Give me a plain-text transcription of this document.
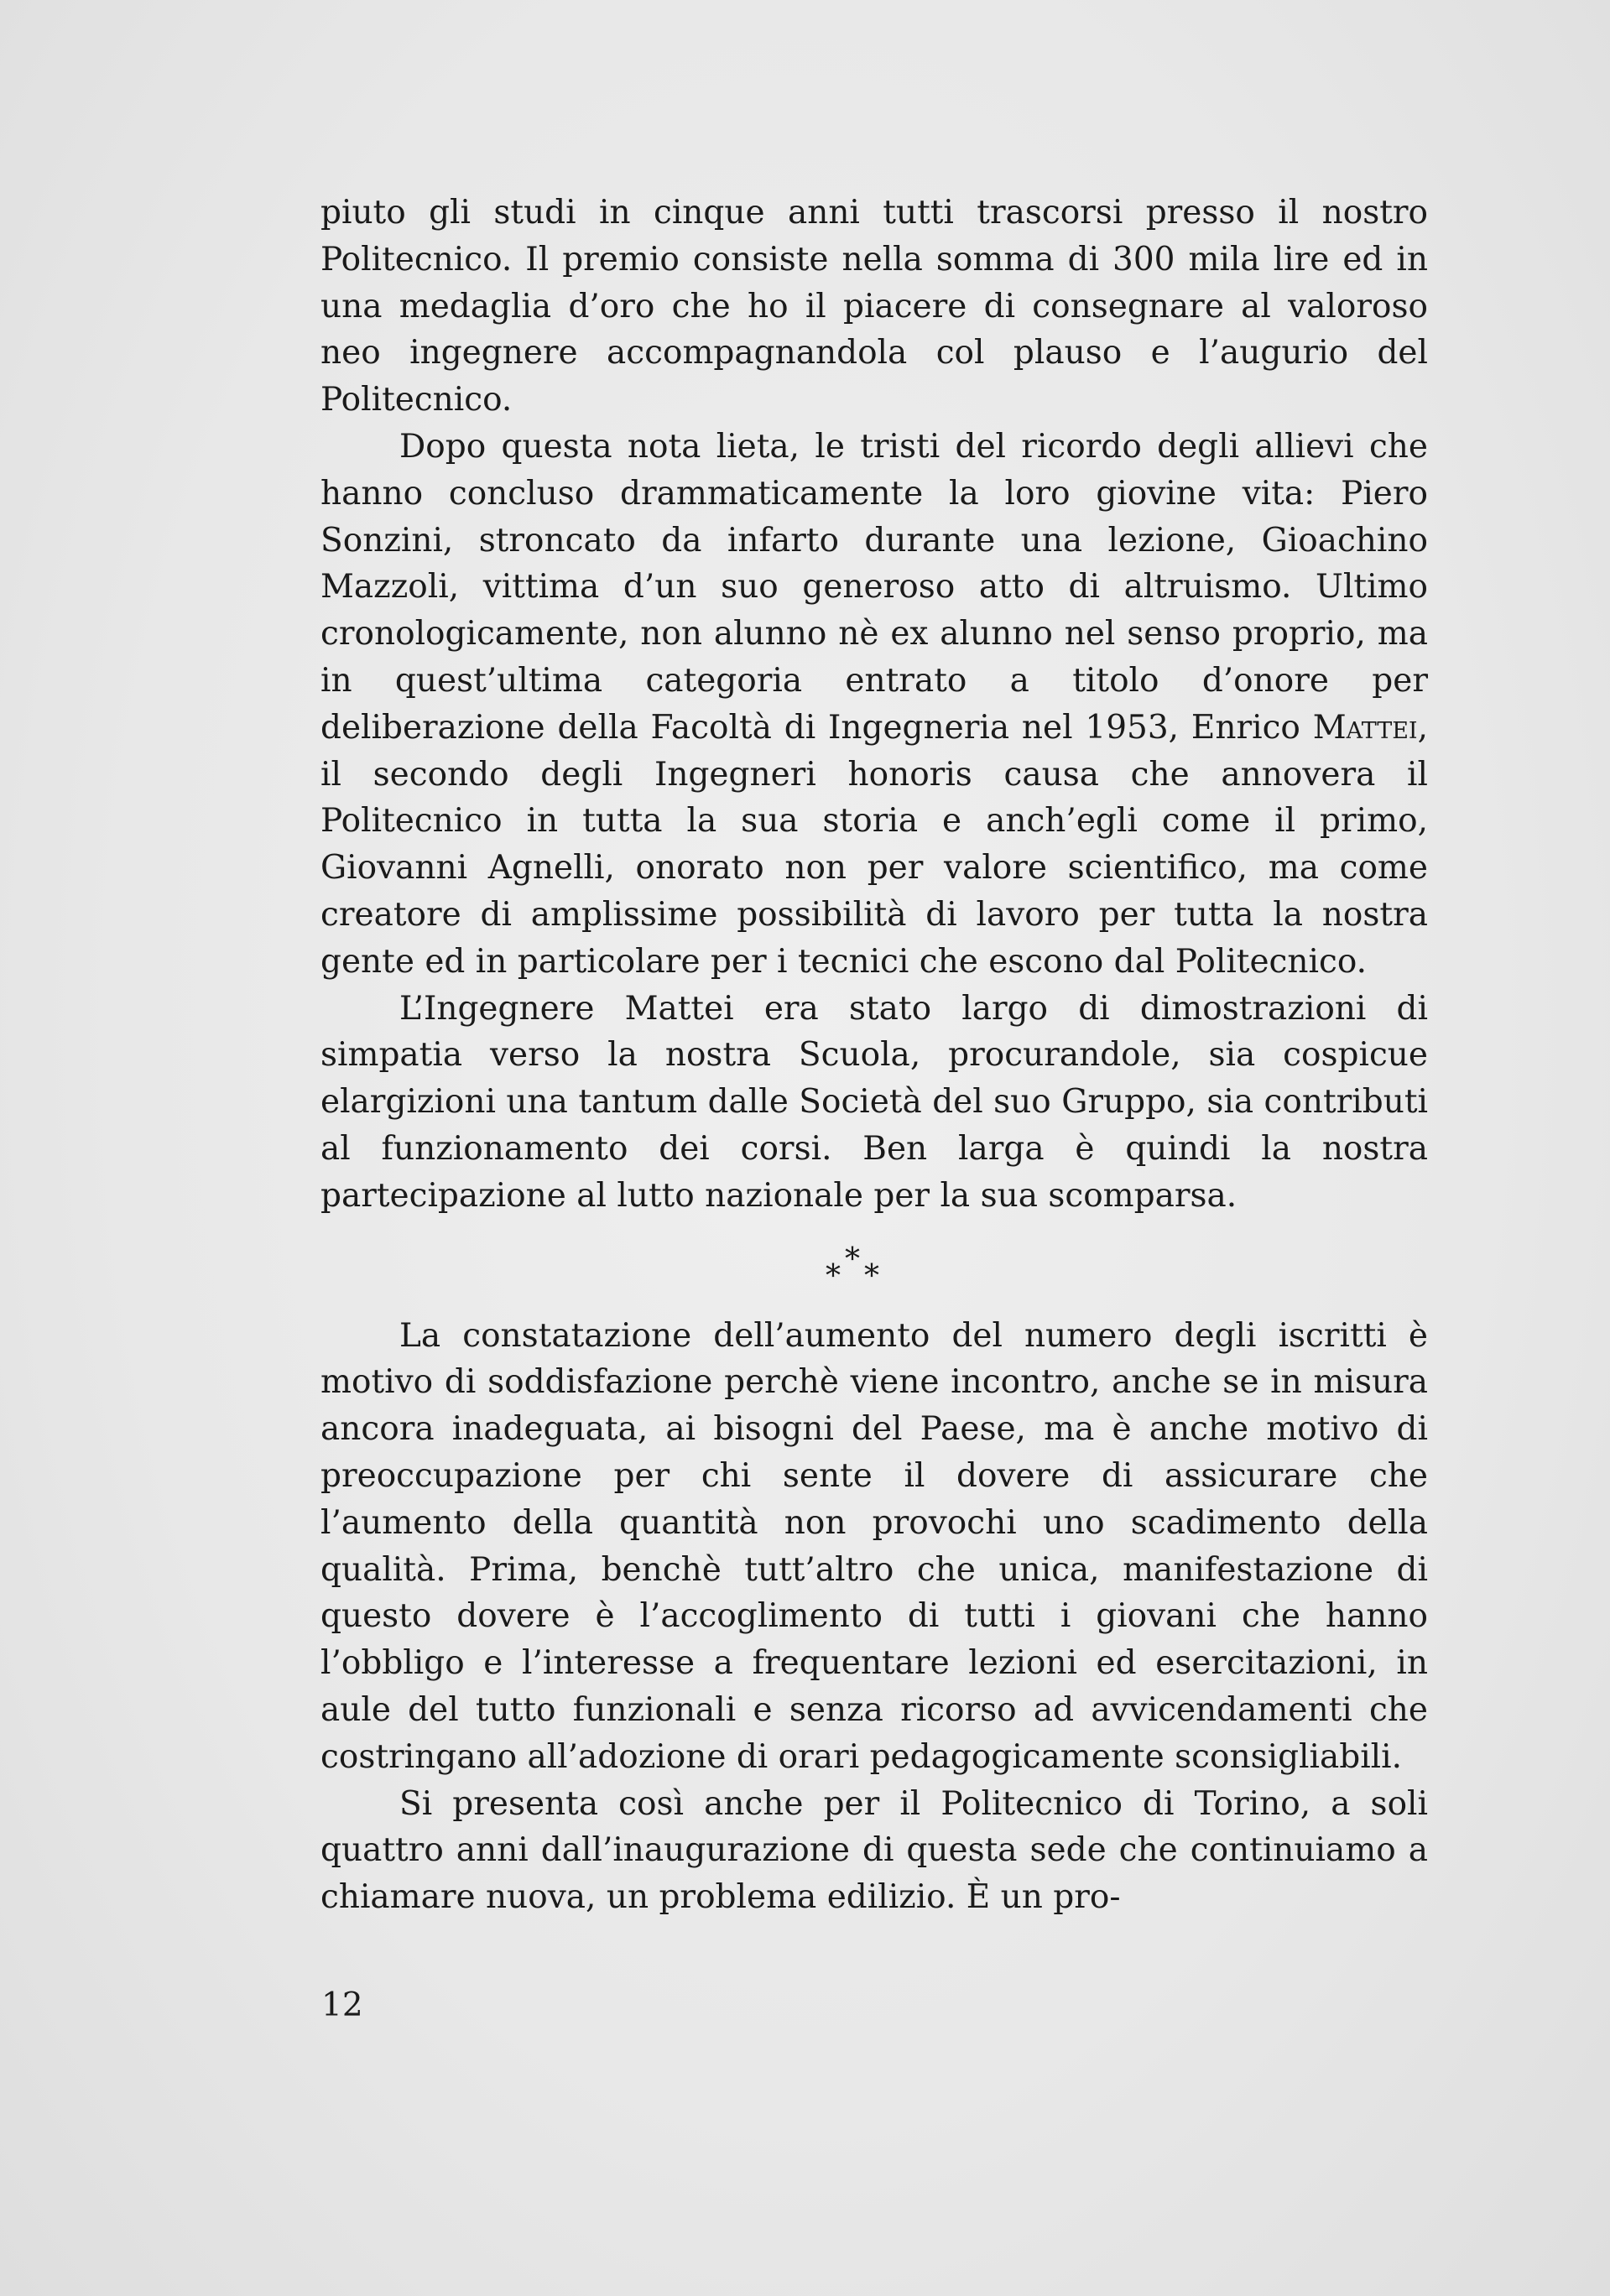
piuto gli studi in cinque anni tutti trascorsi presso il nostro Politecnico. Il premio consiste nella somma di 300 mila lire ed in una medaglia d’oro che ho il piacere di consegnare al valoroso neo ingegnere accompagnandola col plauso e l’augurio del Politecnico.

Dopo questa nota lieta, le tristi del ricordo degli allievi che hanno concluso drammaticamente la loro giovine vita: Piero Sonzini, stroncato da infarto durante una lezione, Gioachino Mazzoli, vittima d’un suo generoso atto di altruismo. Ultimo cronologicamente, non alunno nè ex alunno nel senso proprio, ma in quest’ultima categoria entrato a titolo d’onore per deliberazione della Facoltà di Ingegneria nel 1953, Enrico Mattei, il secondo degli Ingegneri honoris causa che annovera il Politecnico in tutta la sua storia e anch’egli come il primo, Giovanni Agnelli, onorato non per valore scientifico, ma come creatore di amplissime possibilità di lavoro per tutta la nostra gente ed in particolare per i tecnici che escono dal Politecnico.

L’Ingegnere Mattei era stato largo di dimostrazioni di simpatia verso la nostra Scuola, procurandole, sia cospicue elargizioni una tantum dalle Società del suo Gruppo, sia contributi al funzionamento dei corsi. Ben larga è quindi la nostra partecipazione al lutto nazionale per la sua scomparsa.

*
* *

La constatazione dell’aumento del numero degli iscritti è motivo di soddisfazione perchè viene incontro, anche se in misura ancora inadeguata, ai bisogni del Paese, ma è anche motivo di preoccupazione per chi sente il dovere di assicurare che l’aumento della quantità non provochi uno scadimento della qualità. Prima, benchè tutt’altro che unica, manifestazione di questo dovere è l’accoglimento di tutti i giovani che hanno l’obbligo e l’interesse a frequentare lezioni ed esercitazioni, in aule del tutto funzionali e senza ricorso ad avvicendamenti che costringano all’adozione di orari pedagogicamente sconsigliabili.

Si presenta così anche per il Politecnico di Torino, a soli quattro anni dall’inaugurazione di questa sede che continuiamo a chiamare nuova, un problema edilizio. È un pro-

12
